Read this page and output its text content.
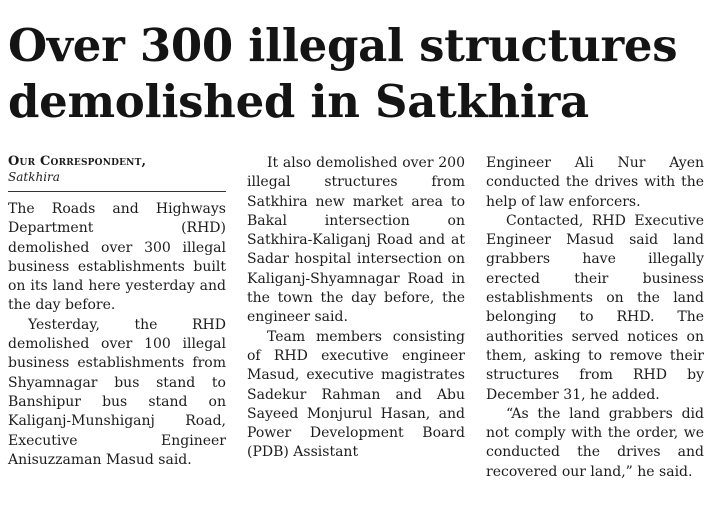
Over 300 illegal structures
demolished in Satkhira
Our Correspondent,
Satkhira

The Roads and Highways Department (RHD) demolished over 300 illegal business establishments built on its land here yesterday and the day before.

Yesterday, the RHD demolished over 100 illegal business establishments from Shyamnagar bus stand to Banshipur bus stand on Kaliganj-Munshiganj Road, Executive Engineer Anisuzzaman Masud said.

It also demolished over 200 illegal structures from Satkhira new market area to Bakal intersection on Satkhira-Kaliganj Road and at Sadar hospital intersection on Kaliganj-Shyamnagar Road in the town the day before, the engineer said.

Team members consisting of RHD executive engineer Masud, executive magistrates Sadekur Rahman and Abu Sayeed Monjurul Hasan, and Power Development Board (PDB) Assistant

Engineer Ali Nur Ayen conducted the drives with the help of law enforcers.

Contacted, RHD Executive Engineer Masud said land grabbers have illegally erected their business establishments on the land belonging to RHD. The authorities served notices on them, asking to remove their structures from RHD by December 31, he added.

“As the land grabbers did not comply with the order, we conducted the drives and recovered our land,” he said.
